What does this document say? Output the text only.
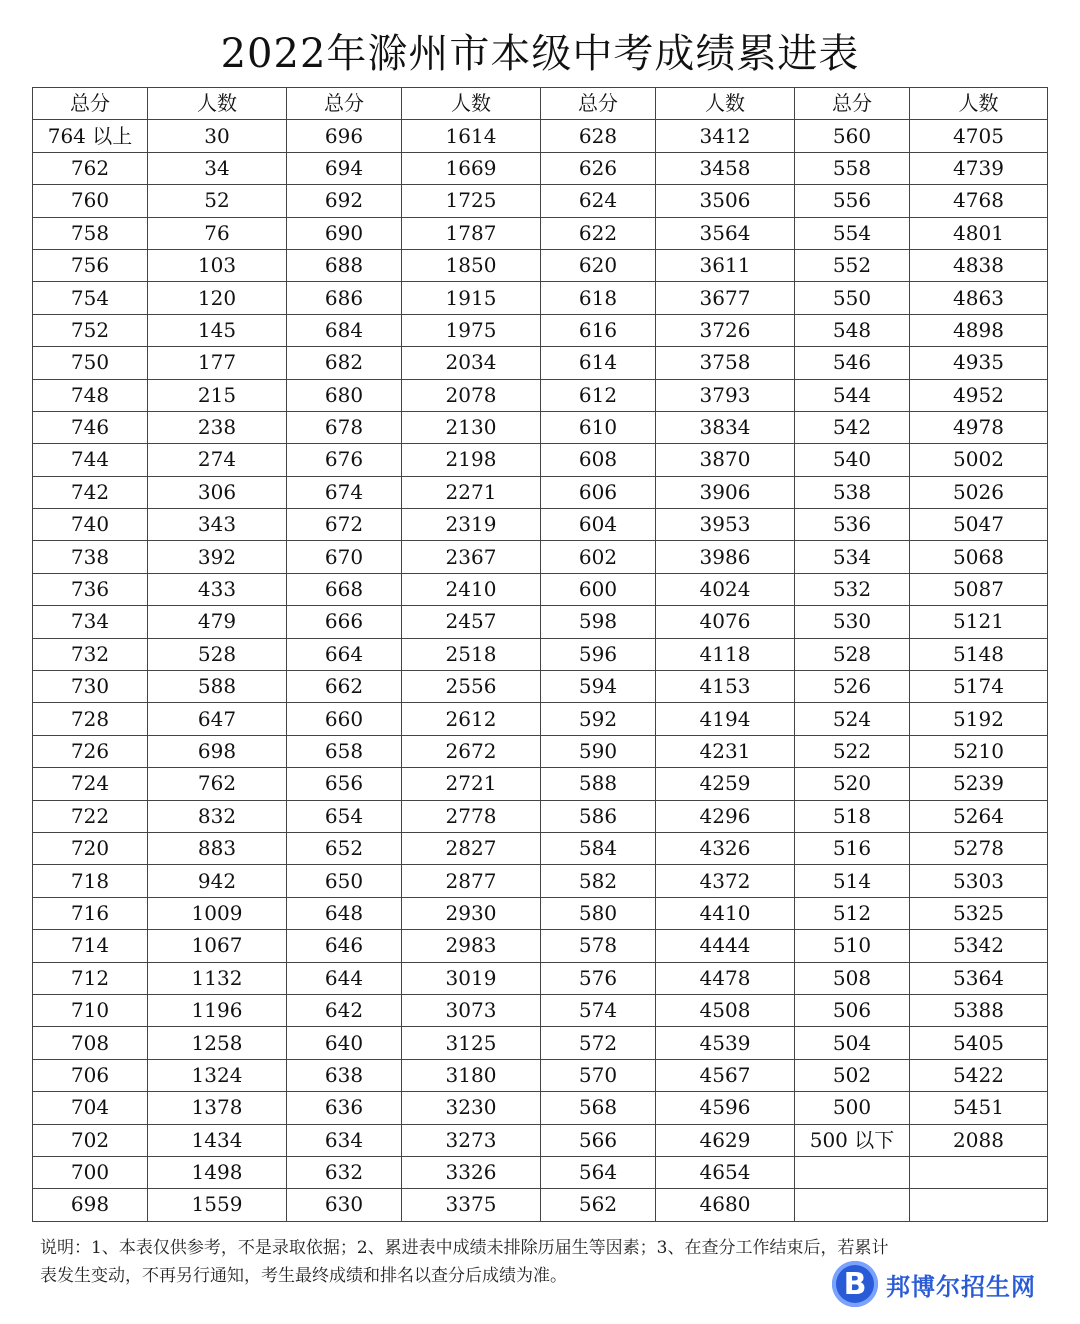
2022年滁州市本级中考成绩累进表
总分	人数	总分	人数	总分	人数	总分	人数
764 以上	30	696	1614	628	3412	560	4705
762	34	694	1669	626	3458	558	4739
760	52	692	1725	624	3506	556	4768
758	76	690	1787	622	3564	554	4801
756	103	688	1850	620	3611	552	4838
754	120	686	1915	618	3677	550	4863
752	145	684	1975	616	3726	548	4898
750	177	682	2034	614	3758	546	4935
748	215	680	2078	612	3793	544	4952
746	238	678	2130	610	3834	542	4978
744	274	676	2198	608	3870	540	5002
742	306	674	2271	606	3906	538	5026
740	343	672	2319	604	3953	536	5047
738	392	670	2367	602	3986	534	5068
736	433	668	2410	600	4024	532	5087
734	479	666	2457	598	4076	530	5121
732	528	664	2518	596	4118	528	5148
730	588	662	2556	594	4153	526	5174
728	647	660	2612	592	4194	524	5192
726	698	658	2672	590	4231	522	5210
724	762	656	2721	588	4259	520	5239
722	832	654	2778	586	4296	518	5264
720	883	652	2827	584	4326	516	5278
718	942	650	2877	582	4372	514	5303
716	1009	648	2930	580	4410	512	5325
714	1067	646	2983	578	4444	510	5342
712	1132	644	3019	576	4478	508	5364
710	1196	642	3073	574	4508	506	5388
708	1258	640	3125	572	4539	504	5405
706	1324	638	3180	570	4567	502	5422
704	1378	636	3230	568	4596	500	5451
702	1434	634	3273	566	4629	500 以下	2088
700	1498	632	3326	564	4654		
698	1559	630	3375	562	4680		
说明：1、本表仅供参考，不是录取依据；2、累进表中成绩未排除历届生等因素；3、在查分工作结束后，若累计
表发生变动，不再另行通知，考生最终成绩和排名以查分后成绩为准。	B 邦博尔招生网
